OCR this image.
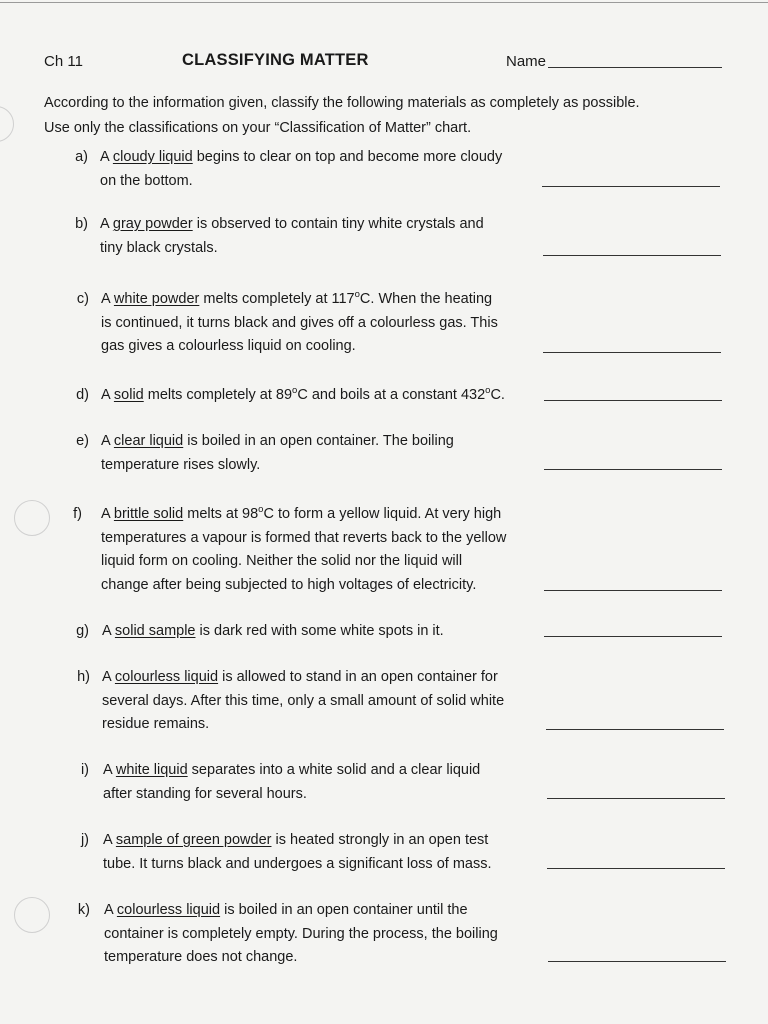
Ch 11	CLASSIFYING MATTER	Name
According to the information given, classify the following materials as completely as possible.
Use only the classifications on your “Classification of Matter” chart.
a) A cloudy liquid begins to clear on top and become more cloudy
on the bottom.
b) A gray powder is observed to contain tiny white crystals and
tiny black crystals.
c) A white powder melts completely at 117$^o$C. When the heating
is continued, it turns black and gives off a colourless gas. This
gas gives a colourless liquid on cooling.
d) A solid melts completely at 89$^o$C and boils at a constant 432$^o$C.
e) A clear liquid is boiled in an open container. The boiling
temperature rises slowly.
f) A brittle solid melts at 98$^o$C to form a yellow liquid. At very high
temperatures a vapour is formed that reverts back to the yellow
liquid form on cooling. Neither the solid nor the liquid will
change after being subjected to high voltages of electricity.
g) A solid sample is dark red with some white spots in it.
h) A colourless liquid is allowed to stand in an open container for
several days. After this time, only a small amount of solid white
residue remains.
i) A white liquid separates into a white solid and a clear liquid
after standing for several hours.
j) A sample of green powder is heated strongly in an open test
tube. It turns black and undergoes a significant loss of mass.
k) A colourless liquid is boiled in an open container until the
container is completely empty. During the process, the boiling
temperature does not change.
